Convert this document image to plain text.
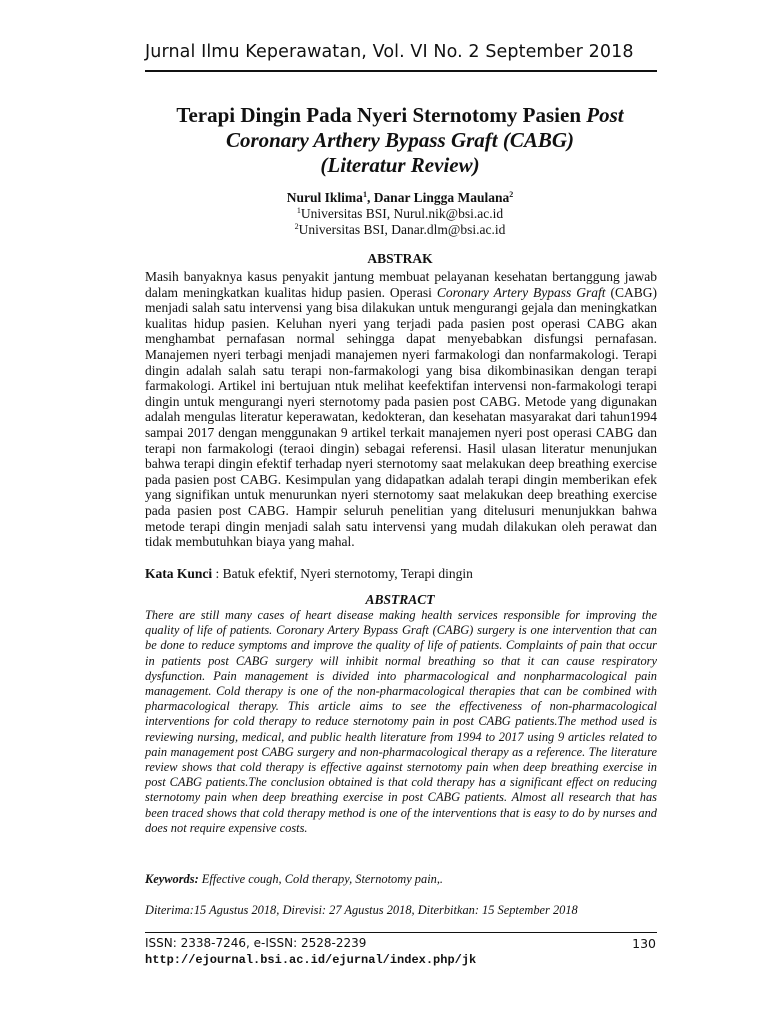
Jurnal Ilmu Keperawatan, Vol. VI No. 2 September 2018
Terapi Dingin Pada Nyeri Sternotomy Pasien Post
Coronary Arthery Bypass Graft (CABG)
(Literatur Review)
Nurul Iklima$^1$, Danar Lingga Maulana$^2$
$^1$Universitas BSI, Nurul.nik@bsi.ac.id
$^2$Universitas BSI, Danar.dlm@bsi.ac.id
ABSTRAK
Masih banyaknya kasus penyakit jantung membuat pelayanan kesehatan bertanggung jawab dalam meningkatkan kualitas hidup pasien. Operasi Coronary Artery Bypass Graft (CABG) menjadi salah satu intervensi yang bisa dilakukan untuk mengurangi gejala dan meningkatkan kualitas hidup pasien. Keluhan nyeri yang terjadi pada pasien post operasi CABG akan menghambat pernafasan normal sehingga dapat menyebabkan disfungsi pernafasan. Manajemen nyeri terbagi menjadi manajemen nyeri farmakologi dan nonfarmakologi. Terapi dingin adalah salah satu terapi non-farmakologi yang bisa dikombinasikan dengan terapi farmakologi. Artikel ini bertujuan ntuk melihat keefektifan intervensi non-farmakologi terapi dingin untuk mengurangi nyeri sternotomy pada pasien post CABG. Metode yang digunakan adalah mengulas literatur keperawatan, kedokteran, dan kesehatan masyarakat dari tahun1994 sampai 2017 dengan menggunakan 9 artikel terkait manajemen nyeri post operasi CABG dan terapi non farmakologi (teraoi dingin) sebagai referensi. Hasil ulasan literatur menunjukan bahwa terapi dingin efektif terhadap nyeri sternotomy saat melakukan deep breathing exercise pada pasien post CABG. Kesimpulan yang didapatkan adalah terapi dingin memberikan efek yang signifikan untuk menurunkan nyeri sternotomy saat melakukan deep breathing exercise pada pasien post CABG. Hampir seluruh penelitian yang ditelusuri menunjukkan bahwa metode terapi dingin menjadi salah satu intervensi yang mudah dilakukan oleh perawat dan tidak membutuhkan biaya yang mahal.
Kata Kunci : Batuk efektif, Nyeri sternotomy, Terapi dingin
ABSTRACT
There are still many cases of heart disease making health services responsible for improving the quality of life of patients. Coronary Artery Bypass Graft (CABG) surgery is one intervention that can be done to reduce symptoms and improve the quality of life of patients. Complaints of pain that occur in patients post CABG surgery will inhibit normal breathing so that it can cause respiratory dysfunction. Pain management is divided into pharmacological and nonpharmacological pain management. Cold therapy is one of the non-pharmacological therapies that can be combined with pharmacological therapy. This article aims to see the effectiveness of non-pharmacological interventions for cold therapy to reduce sternotomy pain in post CABG patients.The method used is reviewing nursing, medical, and public health literature from 1994 to 2017 using 9 articles related to pain management post CABG surgery and non-pharmacological therapy as a reference. The literature review shows that cold therapy is effective against sternotomy pain when deep breathing exercise in post CABG patients.The conclusion obtained is that cold therapy has a significant effect on reducing sternotomy pain when deep breathing exercise in post CABG patients. Almost all research that has been traced shows that cold therapy method is one of the interventions that is easy to do by nurses and does not require expensive costs.
Keywords: Effective cough, Cold therapy, Sternotomy pain,.
Diterima:15 Agustus 2018, Direvisi: 27 Agustus 2018, Diterbitkan: 15 September 2018
ISSN: 2338-7246, e-ISSN: 2528-2239	130
http://ejournal.bsi.ac.id/ejurnal/index.php/jk
